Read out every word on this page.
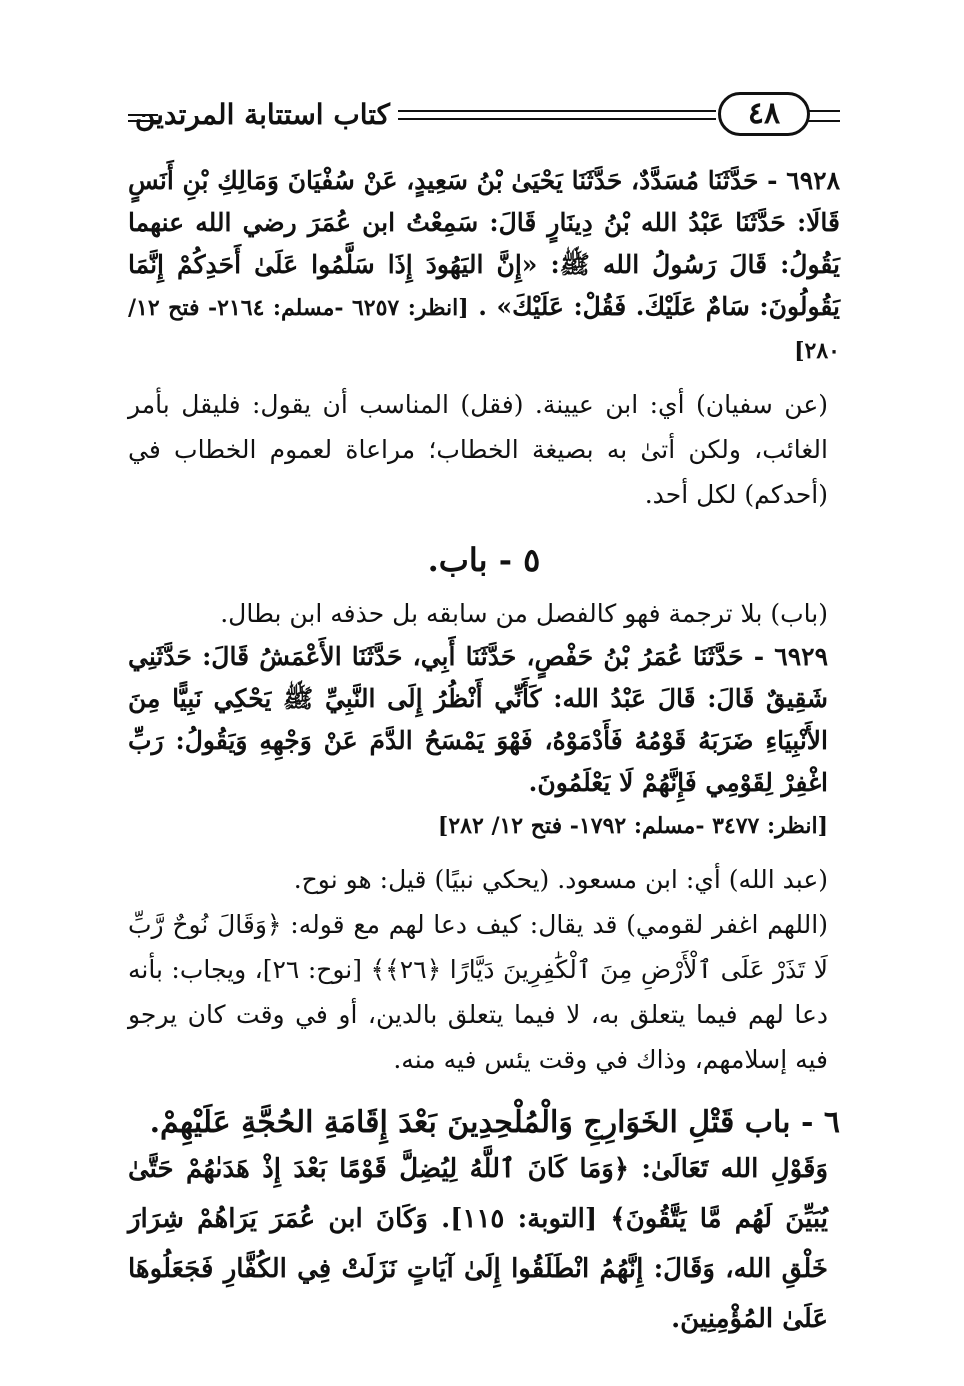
كتاب استتابة المرتدين	٤٨

٦٩٢٨ - حَدَّثَنَا مُسَدَّدٌ، حَدَّثَنَا يَحْيَىٰ بْنُ سَعِيدٍ، عَنْ سُفْيَانَ وَمَالِكِ بْنِ أَنَسٍ قَالَا: حَدَّثَنَا عَبْدُ الله بْنُ دِينَارٍ قَالَ: سَمِعْتُ ابن عُمَرَ رضي الله عنهما يَقُولُ: قَالَ رَسُولُ الله ﷺ: «إِنَّ اليَهُودَ إِذَا سَلَّمُوا عَلَىٰ أَحَدِكُمْ إِنَّمَا يَقُولُونَ: سَامٌ عَلَيْكَ. فَقُلْ: عَلَيْكَ» . [انظر: ٦٢٥٧ -مسلم: ٢١٦٤- فتح ١٢/ ٢٨٠]

(عن سفيان) أي: ابن عيينة. (فقل) المناسب أن يقول: فليقل بأمر الغائب، ولكن أتىٰ به بصيغة الخطاب؛ مراعاة لعموم الخطاب في (أحدكم) لكل أحد.

٥ - باب.

(باب) بلا ترجمة فهو كالفصل من سابقه بل حذفه ابن بطال.

٦٩٢٩ - حَدَّثَنَا عُمَرُ بْنُ حَفْصٍ، حَدَّثَنَا أَبِي، حَدَّثَنَا الأَعْمَشُ قَالَ: حَدَّثَنِي شَقِيقٌ قَالَ: قَالَ عَبْدُ الله: كَأَنِّي أَنْظُرُ إِلَى النَّبِيِّ ﷺ يَحْكِي نَبِيًّا مِنَ الأَنْبِيَاءِ ضَرَبَهُ قَوْمُهُ فَأَدْمَوْهُ، فَهْوَ يَمْسَحُ الدَّمَ عَنْ وَجْهِهِ وَيَقُولُ: رَبِّ اغْفِرْ لِقَوْمِي فَإِنَّهُمْ لَا يَعْلَمُونَ.
[انظر: ٣٤٧٧ -مسلم: ١٧٩٢- فتح ١٢/ ٢٨٢]

(عبد الله) أي: ابن مسعود. (يحكي نبيًا) قيل: هو نوح.

(اللهم اغفر لقومي) قد يقال: كيف دعا لهم مع قوله: ﴿وَقَالَ نُوحٌ رَّبِّ لَا تَذَرْ عَلَى ٱلْأَرْضِ مِنَ ٱلْكَٰفِرِينَ دَيَّارًا ﴿٢٦﴾﴾ [نوح: ٢٦]، ويجاب: بأنه دعا لهم فيما يتعلق به، لا فيما يتعلق بالدين، أو في وقت كان يرجو فيه إسلامهم، وذاك في وقت يئس فيه منه.

٦ - باب قَتْلِ الخَوَارِجِ وَالْمُلْحِدِينَ بَعْدَ إِقَامَةِ الحُجَّةِ عَلَيْهِمْ.

وَقَوْلِ الله تَعَالَىٰ: ﴿وَمَا كَانَ ٱللَّهُ لِيُضِلَّ قَوْمًا بَعْدَ إِذْ هَدَىٰهُمْ حَتَّىٰ يُبَيِّنَ لَهُم مَّا يَتَّقُونَ﴾ [التوبة: ١١٥]. وَكَانَ ابن عُمَرَ يَرَاهُمْ شِرَارَ خَلْقِ الله، وَقَالَ: إِنَّهُمُ انْطَلَقُوا إِلَىٰ آيَاتٍ نَزَلَتْ فِي الكُفَّارِ فَجَعَلُوهَا عَلَىٰ المُؤْمِنِينَ.
